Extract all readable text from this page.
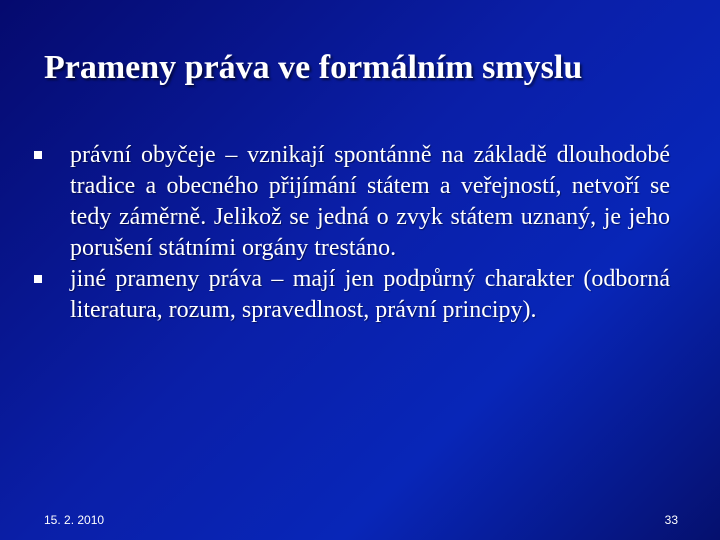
Prameny práva ve formálním smyslu
právní obyčeje – vznikají spontánně na základě dlouhodobé tradice a obecného přijímání státem a veřejností, netvoří se tedy záměrně. Jelikož se jedná o zvyk státem uznaný, je jeho porušení státními orgány trestáno.
jiné prameny práva – mají jen podpůrný charakter (odborná literatura, rozum, spravedlnost, právní principy).
15. 2. 2010	33
